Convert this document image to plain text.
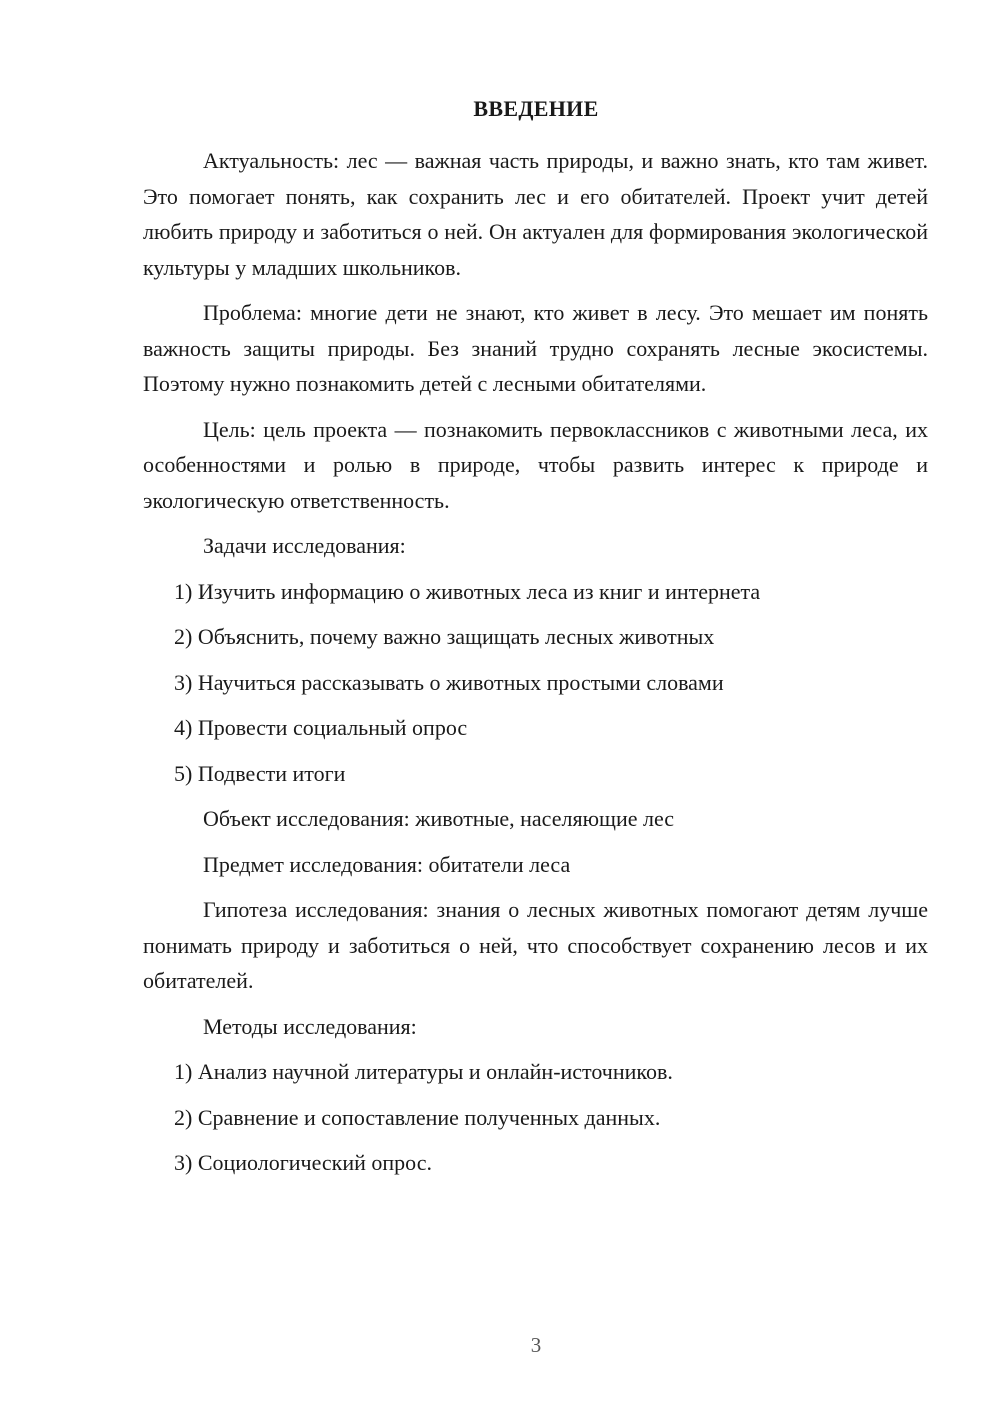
ВВЕДЕНИЕ

Актуальность: лес — важная часть природы, и важно знать, кто там живет. Это помогает понять, как сохранить лес и его обитателей. Проект учит детей любить природу и заботиться о ней. Он актуален для формирования экологической культуры у младших школьников.

Проблема: многие дети не знают, кто живет в лесу. Это мешает им понять важность защиты природы. Без знаний трудно сохранять лесные экосистемы. Поэтому нужно познакомить детей с лесными обитателями.

Цель: цель проекта — познакомить первоклассников с животными леса, их особенностями и ролью в природе, чтобы развить интерес к природе и экологическую ответственность.

Задачи исследования:

1) Изучить информацию о животных леса из книг и интернета

2) Объяснить, почему важно защищать лесных животных

3) Научиться рассказывать о животных простыми словами

4) Провести социальный опрос

5) Подвести итоги

Объект исследования: животные, населяющие лес

Предмет исследования: обитатели леса

Гипотеза исследования: знания о лесных животных помогают детям лучше понимать природу и заботиться о ней, что способствует сохранению лесов и их обитателей.

Методы исследования:

1) Анализ научной литературы и онлайн-источников.

2) Сравнение и сопоставление полученных данных.

3) Социологический опрос.

3
